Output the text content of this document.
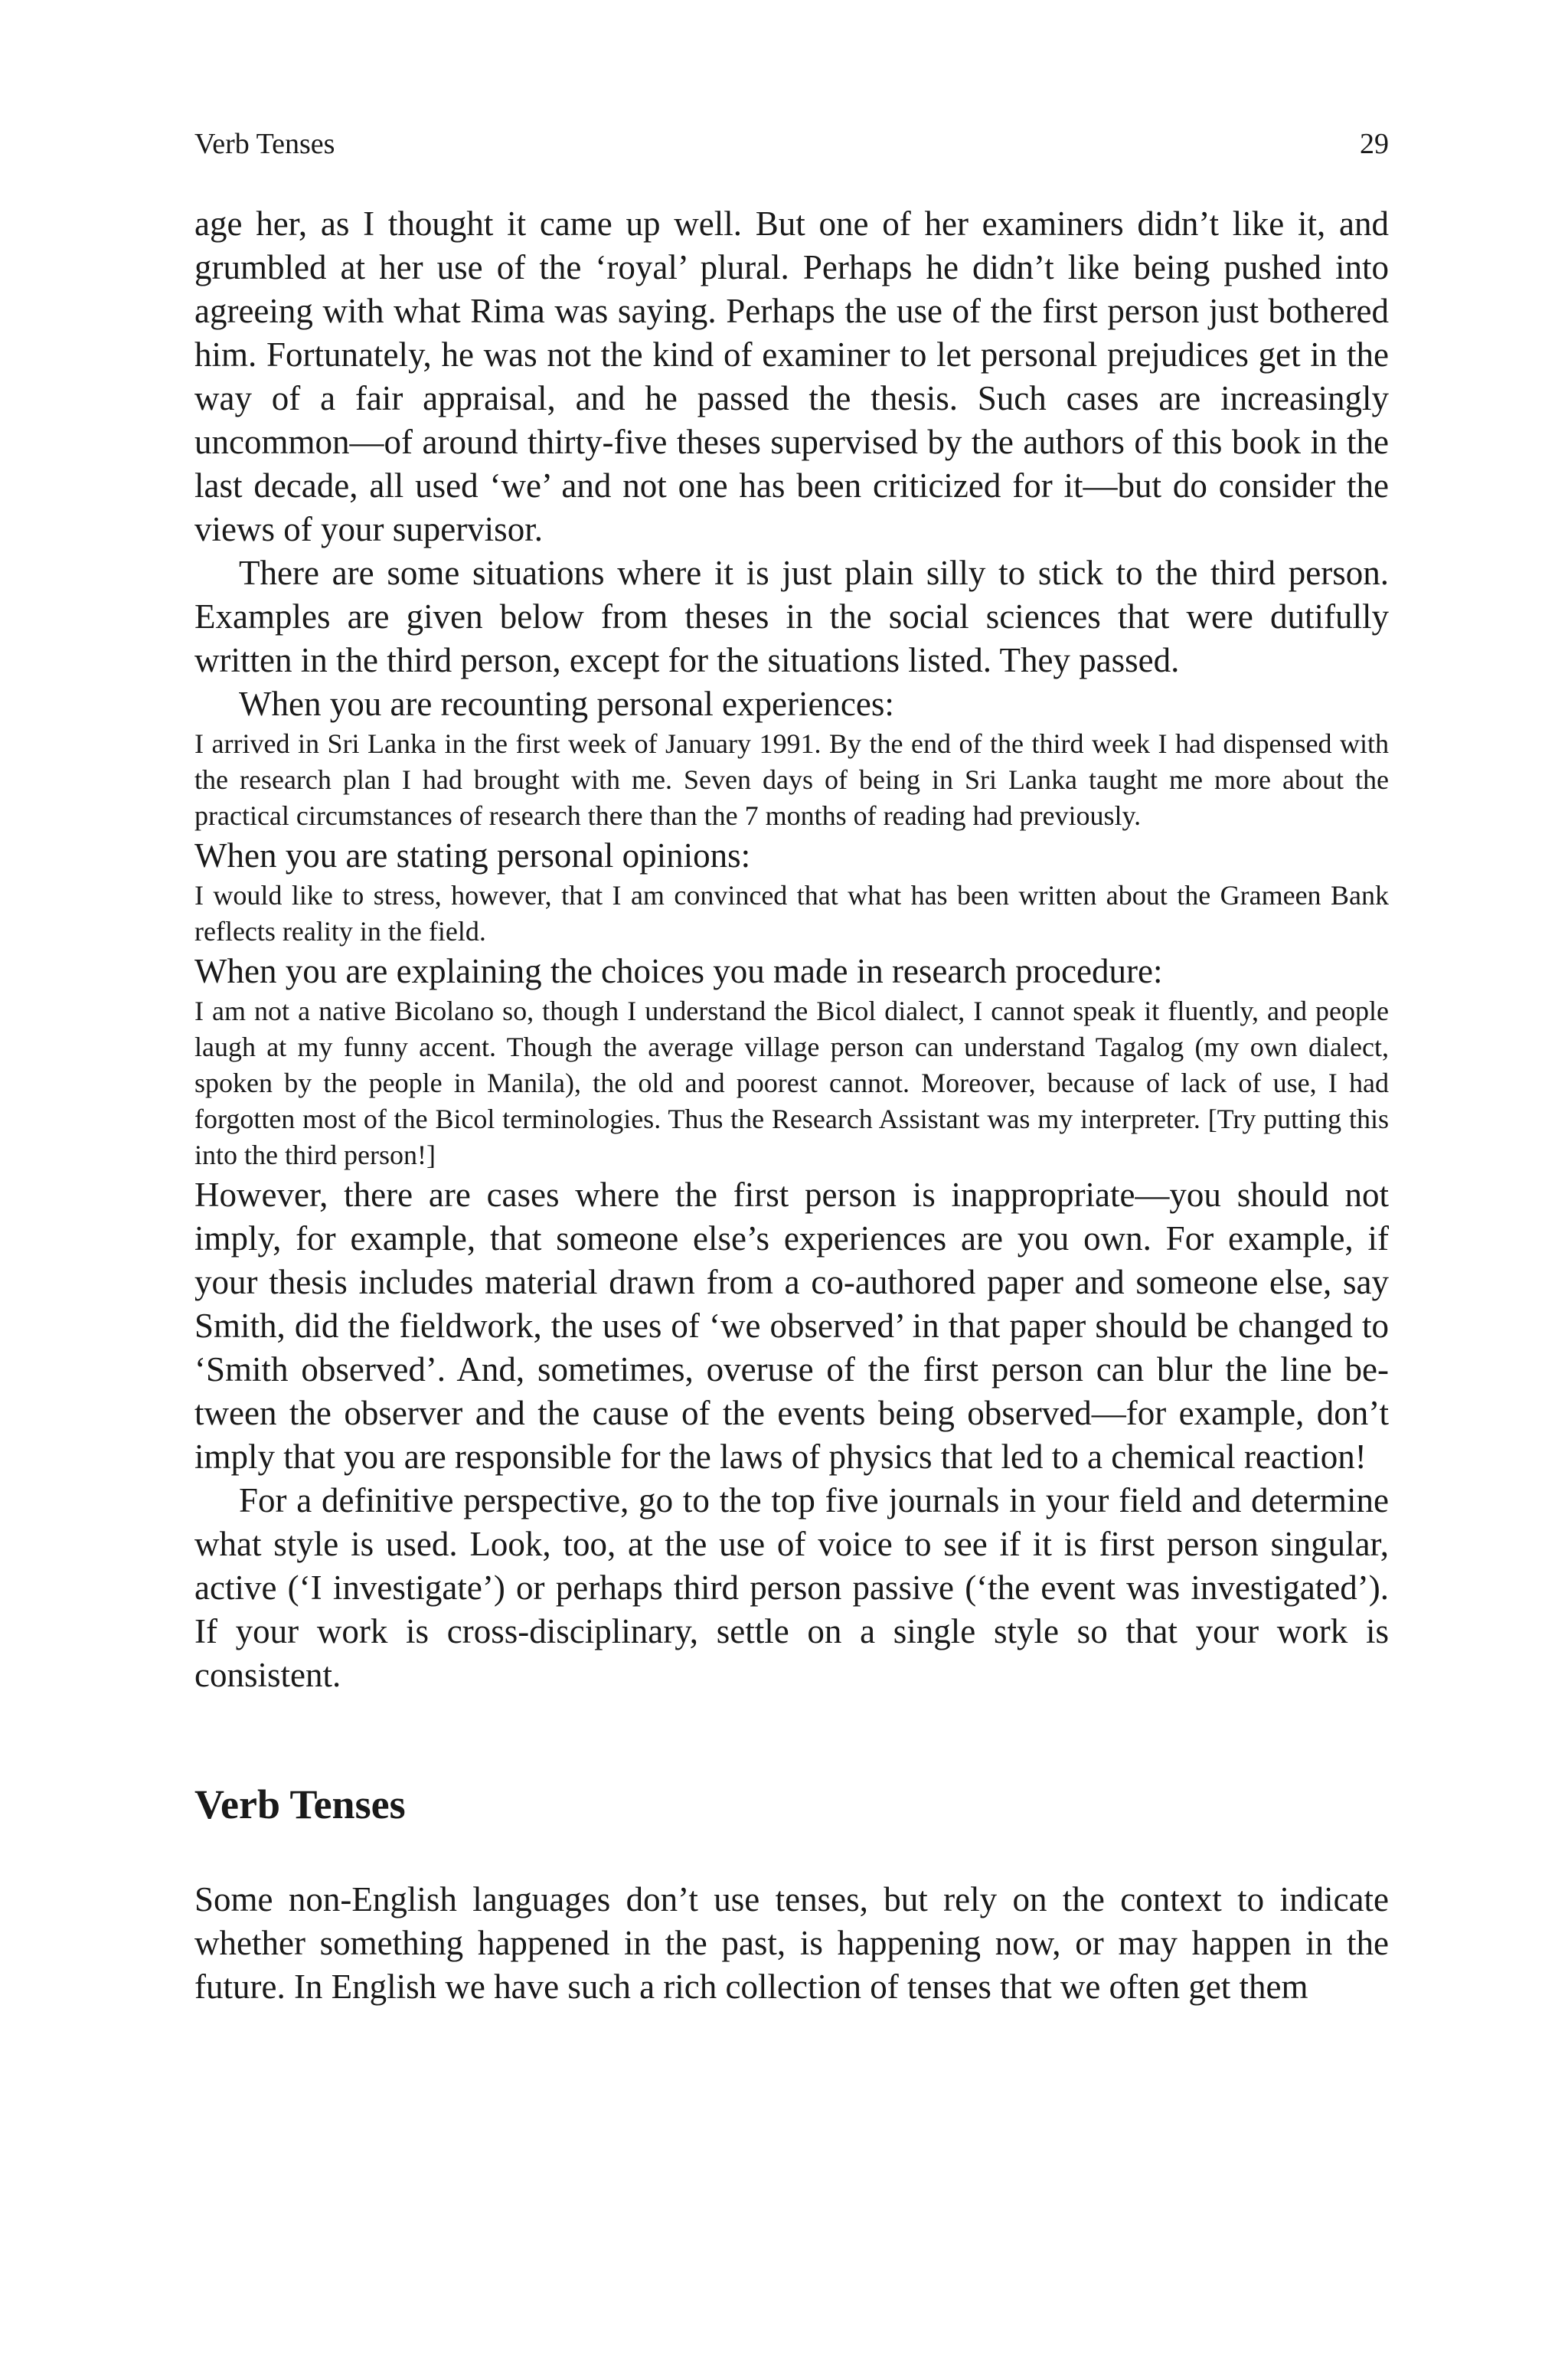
Verb Tenses	29

age her, as I thought it came up well. But one of her examiners didn’t like it, and grumbled at her use of the ‘royal’ plural. Perhaps he didn’t like being pushed into agreeing with what Rima was saying. Perhaps the use of the first person just bothered him. Fortunately, he was not the kind of examiner to let personal prejudices get in the way of a fair appraisal, and he passed the thesis. Such cases are increasingly uncommon—of around thirty-five theses supervised by the authors of this book in the last decade, all used ‘we’ and not one has been criticized for it—but do consider the views of your supervisor.

There are some situations where it is just plain silly to stick to the third person. Examples are given below from theses in the social sciences that were dutifully written in the third person, except for the situations listed. They passed.

When you are recounting personal experiences:

I arrived in Sri Lanka in the first week of January 1991. By the end of the third week I had dispensed with the research plan I had brought with me. Seven days of being in Sri Lanka taught me more about the practical circumstances of research there than the 7 months of reading had previously.

When you are stating personal opinions:

I would like to stress, however, that I am convinced that what has been written about the Grameen Bank reflects reality in the field.

When you are explaining the choices you made in research procedure:

I am not a native Bicolano so, though I understand the Bicol dialect, I cannot speak it fluently, and people laugh at my funny accent. Though the average village person can understand Tagalog (my own dialect, spoken by the people in Manila), the old and poorest cannot. Moreover, because of lack of use, I had forgotten most of the Bicol terminologies. Thus the Research Assistant was my interpreter. [Try putting this into the third person!]

However, there are cases where the first person is inappropriate—you should not imply, for example, that someone else’s experiences are you own. For example, if your thesis includes material drawn from a co-authored paper and someone else, say Smith, did the fieldwork, the uses of ‘we observed’ in that paper should be changed to ‘Smith observed’. And, sometimes, overuse of the first person can blur the line between the observer and the cause of the events being observed—for example, don’t imply that you are responsible for the laws of physics that led to a chemical reaction!

For a definitive perspective, go to the top five journals in your field and determine what style is used. Look, too, at the use of voice to see if it is first person singular, active (‘I investigate’) or perhaps third person passive (‘the event was investigated’). If your work is cross-disciplinary, settle on a single style so that your work is consistent.

Verb Tenses

Some non-English languages don’t use tenses, but rely on the context to indicate whether something happened in the past, is happening now, or may happen in the future. In English we have such a rich collection of tenses that we often get them
